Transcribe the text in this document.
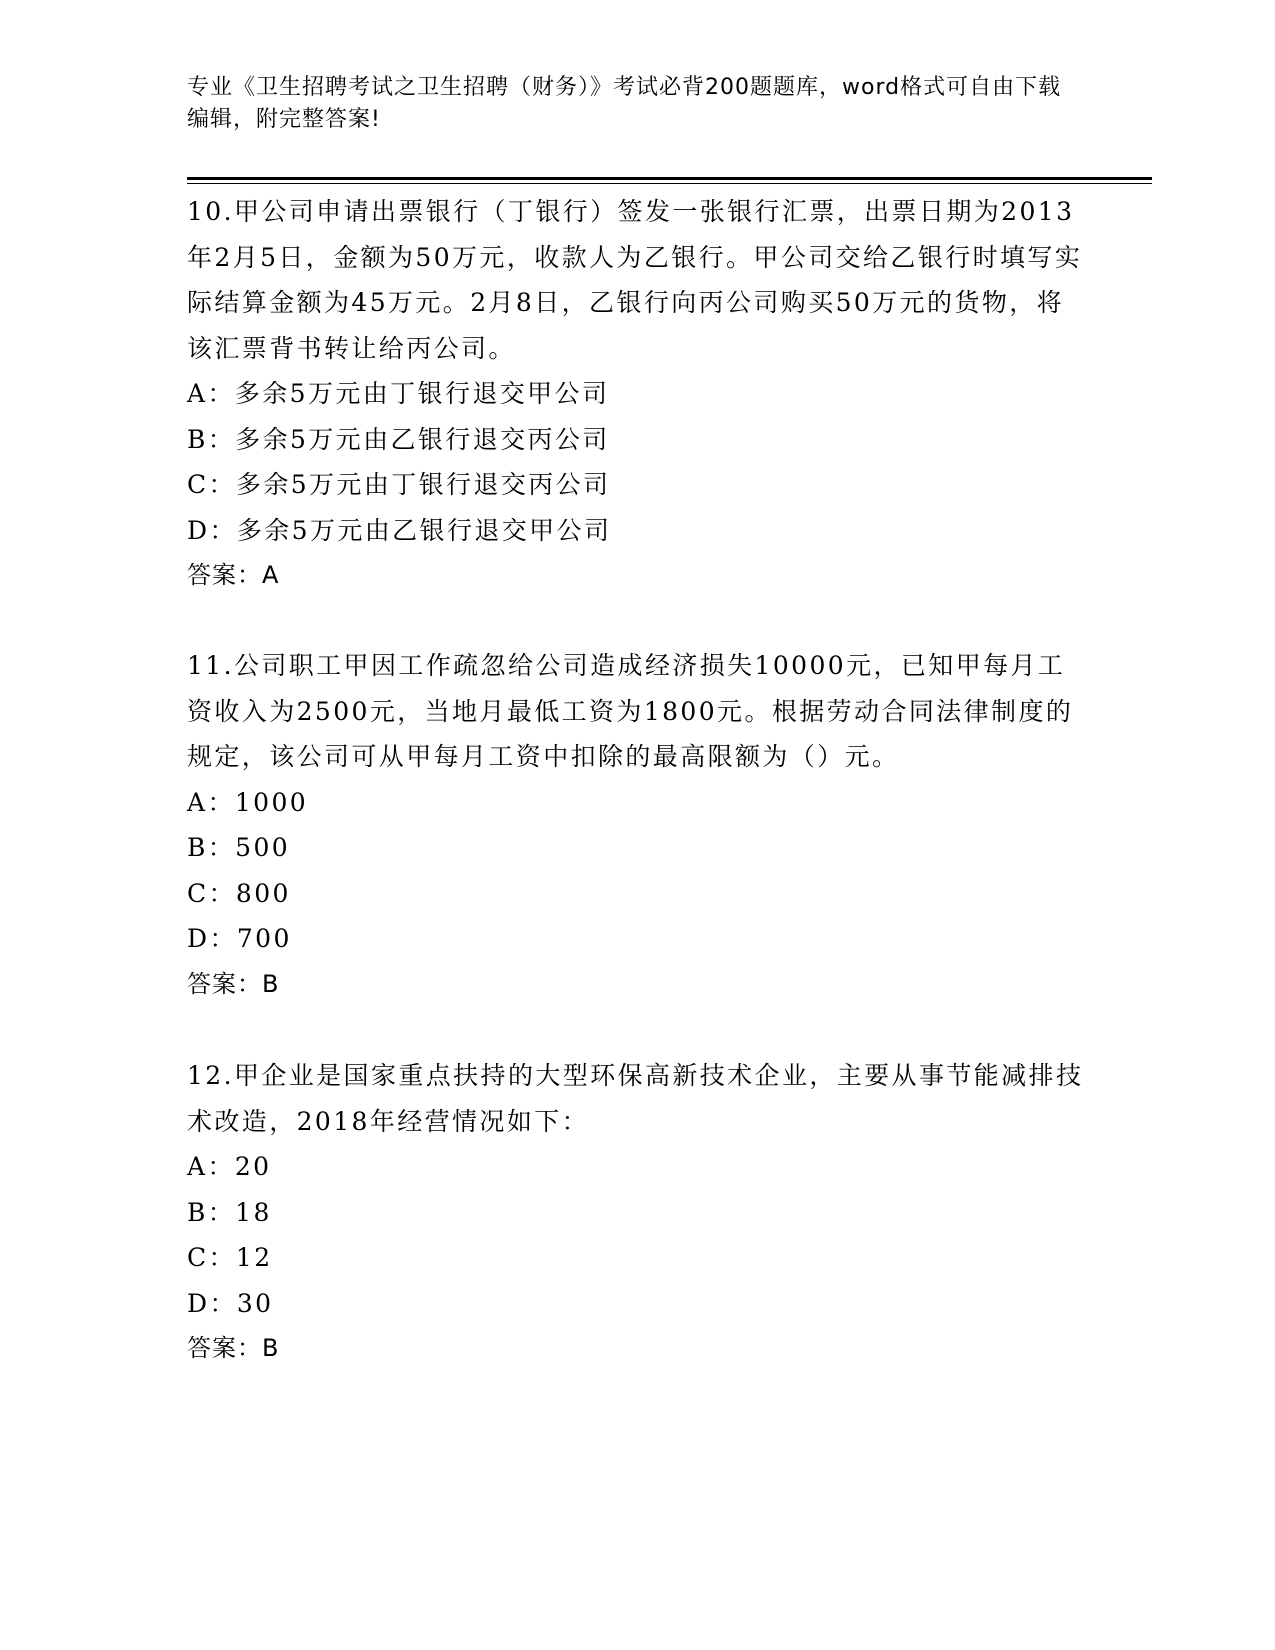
专业《卫生招聘考试之卫生招聘（财务）》考试必背200题题库，word格式可自由下载编辑，附完整答案!

10.甲公司申请出票银行（丁银行）签发一张银行汇票，出票日期为2013年2月5日，金额为50万元，收款人为乙银行。甲公司交给乙银行时填写实际结算金额为45万元。2月8日，乙银行向丙公司购买50万元的货物，将该汇票背书转让给丙公司。

A：多余5万元由丁银行退交甲公司

B：多余5万元由乙银行退交丙公司

C：多余5万元由丁银行退交丙公司

D：多余5万元由乙银行退交甲公司

答案：A

11.公司职工甲因工作疏忽给公司造成经济损失10000元，已知甲每月工资收入为2500元，当地月最低工资为1800元。根据劳动合同法律制度的规定，该公司可从甲每月工资中扣除的最高限额为（）元。

A：1000

B：500

C：800

D：700

答案：B

12.甲企业是国家重点扶持的大型环保高新技术企业，主要从事节能减排技术改造，2018年经营情况如下：

A：20

B：18

C：12

D：30

答案：B
